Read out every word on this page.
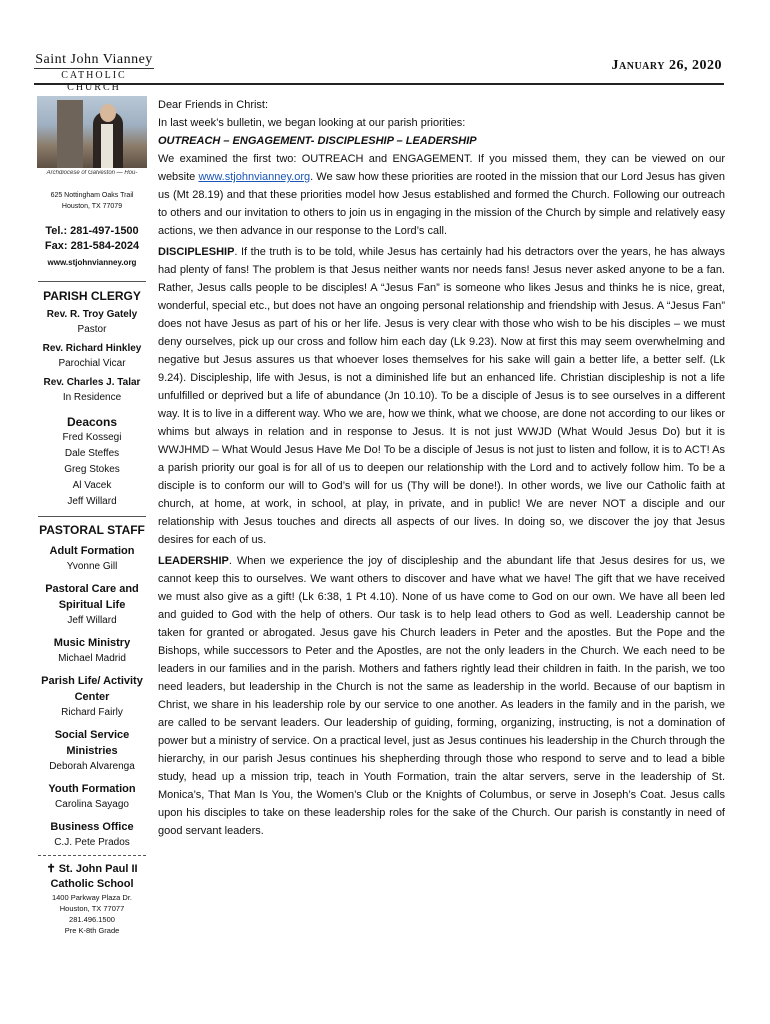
Saint John Vianney
CATHOLIC CHURCH
January 26, 2020
Archdiocese of Galveston — Hou-
625 Nottingham Oaks Trail
Houston, TX 77079
Tel.: 281-497-1500
Fax: 281-584-2024
www.stjohnvianney.org
PARISH CLERGY
Rev. R. Troy Gately
Pastor
Rev. Richard Hinkley
Parochial Vicar
Rev. Charles J. Talar
In Residence
Deacons
Fred Kossegi
Dale Steffes
Greg Stokes
Al Vacek
Jeff Willard
PASTORAL STAFF
Adult Formation
Yvonne Gill
Pastoral Care and Spiritual Life
Jeff Willard
Music Ministry
Michael Madrid
Parish Life/ Activity Center
Richard Fairly
Social Service Ministries
Deborah Alvarenga
Youth Formation
Carolina Sayago
Business Office
C.J. Pete Prados
✝ St. John Paul II Catholic School
1400 Parkway Plaza Dr.
Houston, TX 77077
281.496.1500
Pre K-8th Grade

Dear Friends in Christ:

In last week’s bulletin, we began looking at our parish priorities:

OUTREACH – ENGAGEMENT- DISCIPLESHIP – LEADERSHIP

We examined the first two: OUTREACH and ENGAGEMENT. If you missed them, they can be viewed on our website www.stjohnvianney.org. We saw how these priorities are rooted in the mission that our Lord Jesus has given us (Mt 28.19) and that these priorities model how Jesus established and formed the Church. Following our outreach to others and our invitation to others to join us in engaging in the mission of the Church by simple and relatively easy actions, we then advance in our response to the Lord’s call.

DISCIPLESHIP. If the truth is to be told, while Jesus has certainly had his detractors over the years, he has always had plenty of fans! The problem is that Jesus neither wants nor needs fans! Jesus never asked anyone to be a fan. Rather, Jesus calls people to be disciples! A “Jesus Fan” is someone who likes Jesus and thinks he is nice, great, wonderful, special etc., but does not have an ongoing personal relationship and friendship with Jesus. A “Jesus Fan” does not have Jesus as part of his or her life. Jesus is very clear with those who wish to be his disciples – we must deny ourselves, pick up our cross and follow him each day (Lk 9.23). Now at first this may seem overwhelming and negative but Jesus assures us that whoever loses themselves for his sake will gain a better life, a better self. (Lk 9.24). Discipleship, life with Jesus, is not a diminished life but an enhanced life. Christian discipleship is not a life unfulfilled or deprived but a life of abundance (Jn 10.10). To be a disciple of Jesus is to see ourselves in a different way. It is to live in a different way. Who we are, how we think, what we choose, are done not according to our likes or whims but always in relation and in response to Jesus. It is not just WWJD (What Would Jesus Do) but it is WWJHMD – What Would Jesus Have Me Do! To be a disciple of Jesus is not just to listen and follow, it is to ACT! As a parish priority our goal is for all of us to deepen our relationship with the Lord and to actively follow him. To be a disciple is to conform our will to God’s will for us (Thy will be done!). In other words, we live our Catholic faith at church, at home, at work, in school, at play, in private, and in public! We are never NOT a disciple and our relationship with Jesus touches and directs all aspects of our lives. In doing so, we discover the joy that Jesus desires for each of us.

LEADERSHIP. When we experience the joy of discipleship and the abundant life that Jesus desires for us, we cannot keep this to ourselves. We want others to discover and have what we have! The gift that we have received we must also give as a gift! (Lk 6:38, 1 Pt 4.10). None of us have come to God on our own. We have all been led and guided to God with the help of others. Our task is to help lead others to God as well. Leadership cannot be taken for granted or abrogated. Jesus gave his Church leaders in Peter and the apostles. But the Pope and the Bishops, while successors to Peter and the Apostles, are not the only leaders in the Church. We each need to be leaders in our families and in the parish. Mothers and fathers rightly lead their children in faith. In the parish, we too need leaders, but leadership in the Church is not the same as leadership in the world. Because of our baptism in Christ, we share in his leadership role by our service to one another. As leaders in the family and in the parish, we are called to be servant leaders. Our leadership of guiding, forming, organizing, instructing, is not a domination of power but a ministry of service. On a practical level, just as Jesus continues his leadership in the Church through the hierarchy, in our parish Jesus continues his shepherding through those who respond to serve and to lead a bible study, head up a mission trip, teach in Youth Formation, train the altar servers, serve in the leadership of St. Monica’s, That Man Is You, the Women’s Club or the Knights of Columbus, or serve in Joseph’s Coat. Jesus calls upon his disciples to take on these leadership roles for the sake of the Church. Our parish is constantly in need of good servant leaders.
